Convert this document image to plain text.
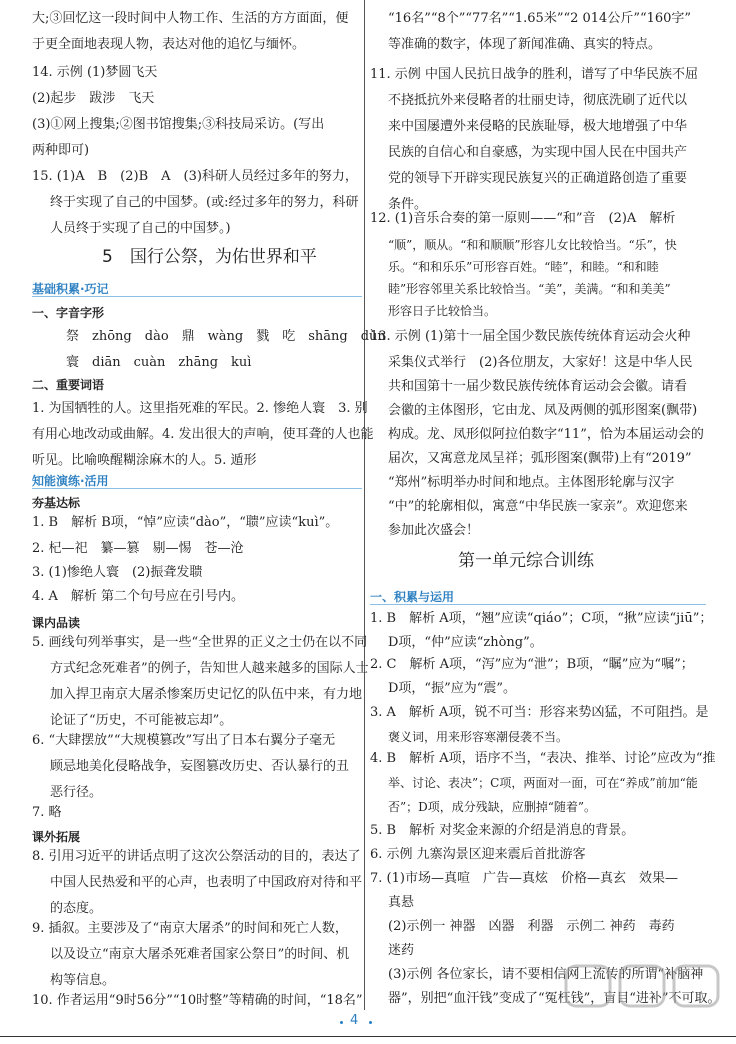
大;③回忆这一段时间中人物工作、生活的方方面面，便
于更全面地表现人物，表达对他的追忆与缅怀。
14. 示例 (1)梦圆飞天
(2)起步　跋涉　飞天
(3)①网上搜集;②图书馆搜集;③科技局采访。(写出
两种即可)
15. (1)A　B　(2)B　A　(3)科研人员经过多年的努力，
终于实现了自己的中国梦。(或:经过多年的努力，科研
人员终于实现了自己的中国梦。)
5　国行公祭，为佑世界和平
基础积累·巧记
一、字音字形
祭　zhōng　dào　鼎　wàng　戮　吃　shāng　dùn
寰　diān　cuàn　zhāng　kuì
二、重要词语
1. 为国牺牲的人。这里指死难的军民。2. 惨绝人寰　3. 别
有用心地改动或曲解。4. 发出很大的声响，使耳聋的人也能
听见。比喻唤醒糊涂麻木的人。5. 遁形
知能演练·活用
夯基达标
1. B　解析 B项，“悼”应读“dào”，“聩”应读“kuì”。
2. 杞—祀　纂—篡　剔—惕　苍—沧
3. (1)惨绝人寰　(2)振聋发聩
4. A　解析 第二个句号应在引号内。
课内品读
5. 画线句列举事实，是一些“全世界的正义之士仍在以不同
方式纪念死难者”的例子，告知世人越来越多的国际人士
加入捍卫南京大屠杀惨案历史记忆的队伍中来，有力地
论证了“历史，不可能被忘却”。
6. “大肆摆放”“大规模篡改”写出了日本右翼分子毫无
顾忌地美化侵略战争，妄图篡改历史、否认暴行的丑
恶行径。
7. 略
课外拓展
8. 引用习近平的讲话点明了这次公祭活动的目的，表达了
中国人民热爱和平的心声，也表明了中国政府对待和平
的态度。
9. 插叙。主要涉及了“南京大屠杀”的时间和死亡人数，
以及设立“南京大屠杀死难者国家公祭日”的时间、机
构等信息。
10. 作者运用“9时56分”“10时整”等精确的时间，“18名”
“16名”“8个”“77名”“1.65米”“2 014公斤”“160字”
等准确的数字，体现了新闻准确、真实的特点。
11. 示例 中国人民抗日战争的胜利，谱写了中华民族不屈
不挠抵抗外来侵略者的壮丽史诗，彻底洗刷了近代以
来中国屡遭外来侵略的民族耻辱，极大地增强了中华
民族的自信心和自豪感，为实现中国人民在中国共产
党的领导下开辟实现民族复兴的正确道路创造了重要
条件。
12. (1)音乐合奏的第一原则——“和”音　(2)A　解析
“顺”，顺从。“和和顺顺”形容儿女比较恰当。“乐”，快
乐。“和和乐乐”可形容百姓。“睦”，和睦。“和和睦
睦”形容邻里关系比较恰当。“美”，美满。“和和美美”
形容日子比较恰当。
13. 示例 (1)第十一届全国少数民族传统体育运动会火种
采集仪式举行　(2)各位朋友，大家好！这是中华人民
共和国第十一届少数民族传统体育运动会会徽。请看
会徽的主体图形，它由龙、凤及两侧的弧形图案(飘带)
构成。龙、凤形似阿拉伯数字“11”，恰为本届运动会的
届次，又寓意龙凤呈祥；弧形图案(飘带)上有“2019”
“郑州”标明举办时间和地点。主体图形轮廓与汉字
“中”的轮廓相似，寓意“中华民族一家亲”。欢迎您来
参加此次盛会！
第一单元综合训练
一、积累与运用
1. B　解析 A项，“翘”应读“qiáo”；C项，“揪”应读“jiū”；
D项，“仲”应读“zhòng”。
2. C　解析 A项，“泻”应为“泄”；B项，“瞩”应为“嘱”；
D项，“振”应为“震”。
3. A　解析 A项，锐不可当：形容来势凶猛，不可阻挡。是
褒义词，用来形容寒潮侵袭不当。
4. B　解析 A项，语序不当，“表决、推举、讨论”应改为“推
举、讨论、表决”；C项，两面对一面，可在“养成”前加“能
否”；D项，成分残缺，应删掉“随着”。
5. B　解析 对奖金来源的介绍是消息的背景。
6. 示例 九寨沟景区迎来震后首批游客
7. (1)市场—真喧　广告—真炫　价格—真玄　效果—
真悬
(2)示例一 神器　凶器　利器　示例二 神药　毒药
迷药
(3)示例 各位家长，请不要相信网上流传的所谓“补脑神
器”，别把“血汗钱”变成了“冤枉钱”，盲目“进补”不可取。
4
